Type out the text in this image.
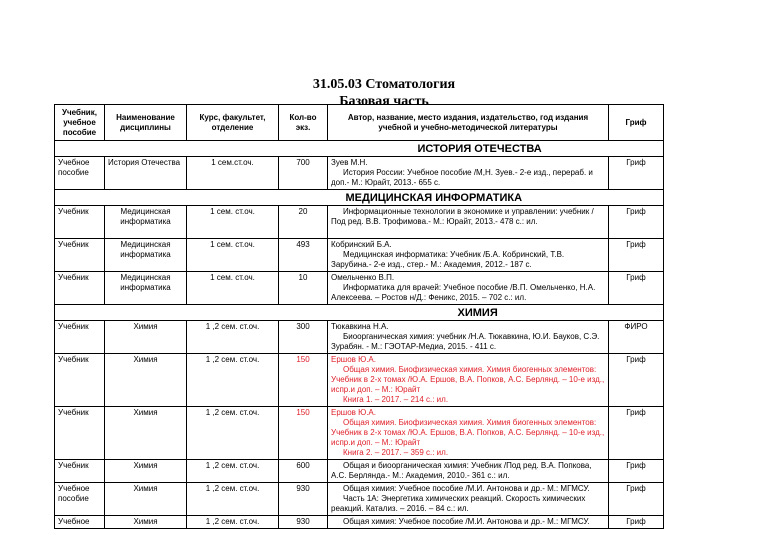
31.05.03 Стоматология
Базовая часть
Учебник, учебное пособие	Наименование дисциплины	Курс, факультет, отделение	Кол-во экз.	Автор, название, место издания, издательство, год издания учебной и учебно-методической литературы	Гриф
				ИСТОРИЯ ОТЕЧЕСТВА	
Учебное пособие	История Отечества	1 сем.ст.оч.	700	Зуев М.Н.
История России: Учебное пособие /М,Н. Зуев.- 2-е изд., перераб. и доп.- М.: Юрайт, 2013.- 655 с.	Гриф
				МЕДИЦИНСКАЯ ИНФОРМАТИКА	
Учебник	Медицинская информатика	1 сем. ст.оч.	20	Информационные технологии в экономике и управлении: учебник /Под ред. В.В. Трофимова.- М.: Юрайт, 2013.- 478 с.: ил.	Гриф
Учебник	Медицинская информатика	1 сем. ст.оч.	493	Кобринский Б.А.
Медицинская информатика: Учебник /Б.А. Кобринский, Т.В. Зарубина.- 2-е изд., стер.- М.: Академия, 2012.- 187 с.	Гриф
Учебник	Медицинская информатика	1 сем. ст.оч.	10	Омельченко В.П.
Информатика для врачей: Учебное пособие /В.П. Омельченко, Н.А. Алексеева. – Ростов н/Д.: Феникс, 2015. – 702 с.: ил.	Гриф
				ХИМИЯ	
Учебник	Химия	1 ,2 сем. ст.оч.	300	Тюкавкина Н.А.
Биоорганическая химия: учебник /Н.А. Тюкавкина, Ю.И. Бауков, С.Э. Зурабян. - М.: ГЭОТАР-Медиа, 2015. - 411 с.	ФИРО
Учебник	Химия	1 ,2 сем. ст.оч.	150	Ершов Ю.А.
Общая химия. Биофизическая химия. Химия биогенных элементов: Учебник в 2-х томах /Ю.А. Ершов, В.А. Попков, А.С. Берлянд. – 10-е изд., испр.и доп. – М.: Юрайт
Книга 1. – 2017. – 214 с.: ил.	Гриф
Учебник	Химия	1 ,2 сем. ст.оч.	150	Ершов Ю.А.
Общая химия. Биофизическая химия. Химия биогенных элементов: Учебник в 2-х томах /Ю.А. Ершов, В.А. Попков, А.С. Берлянд. – 10-е изд., испр.и доп. – М.: Юрайт
Книга 2. – 2017. – 359 с.: ил.	Гриф
Учебник	Химия	1 ,2 сем. ст.оч.	600	Общая и биоорганическая химия: Учебник /Под ред. В.А. Попкова, А.С. Берлянда.- М.: Академия, 2010.- 361 с.: ил.	Гриф
Учебное пособие	Химия	1 ,2 сем. ст.оч.	930	Общая химия: Учебное пособие /М.И. Антонова и др.- М.: МГМСУ.
Часть 1А: Энергетика химических реакций. Скорость химических реакций. Катализ. – 2016. – 84 с.: ил.	Гриф
Учебное	Химия	1 ,2 сем. ст.оч.	930	Общая химия: Учебное пособие /М.И. Антонова и др.- М.: МГМСУ.	Гриф
